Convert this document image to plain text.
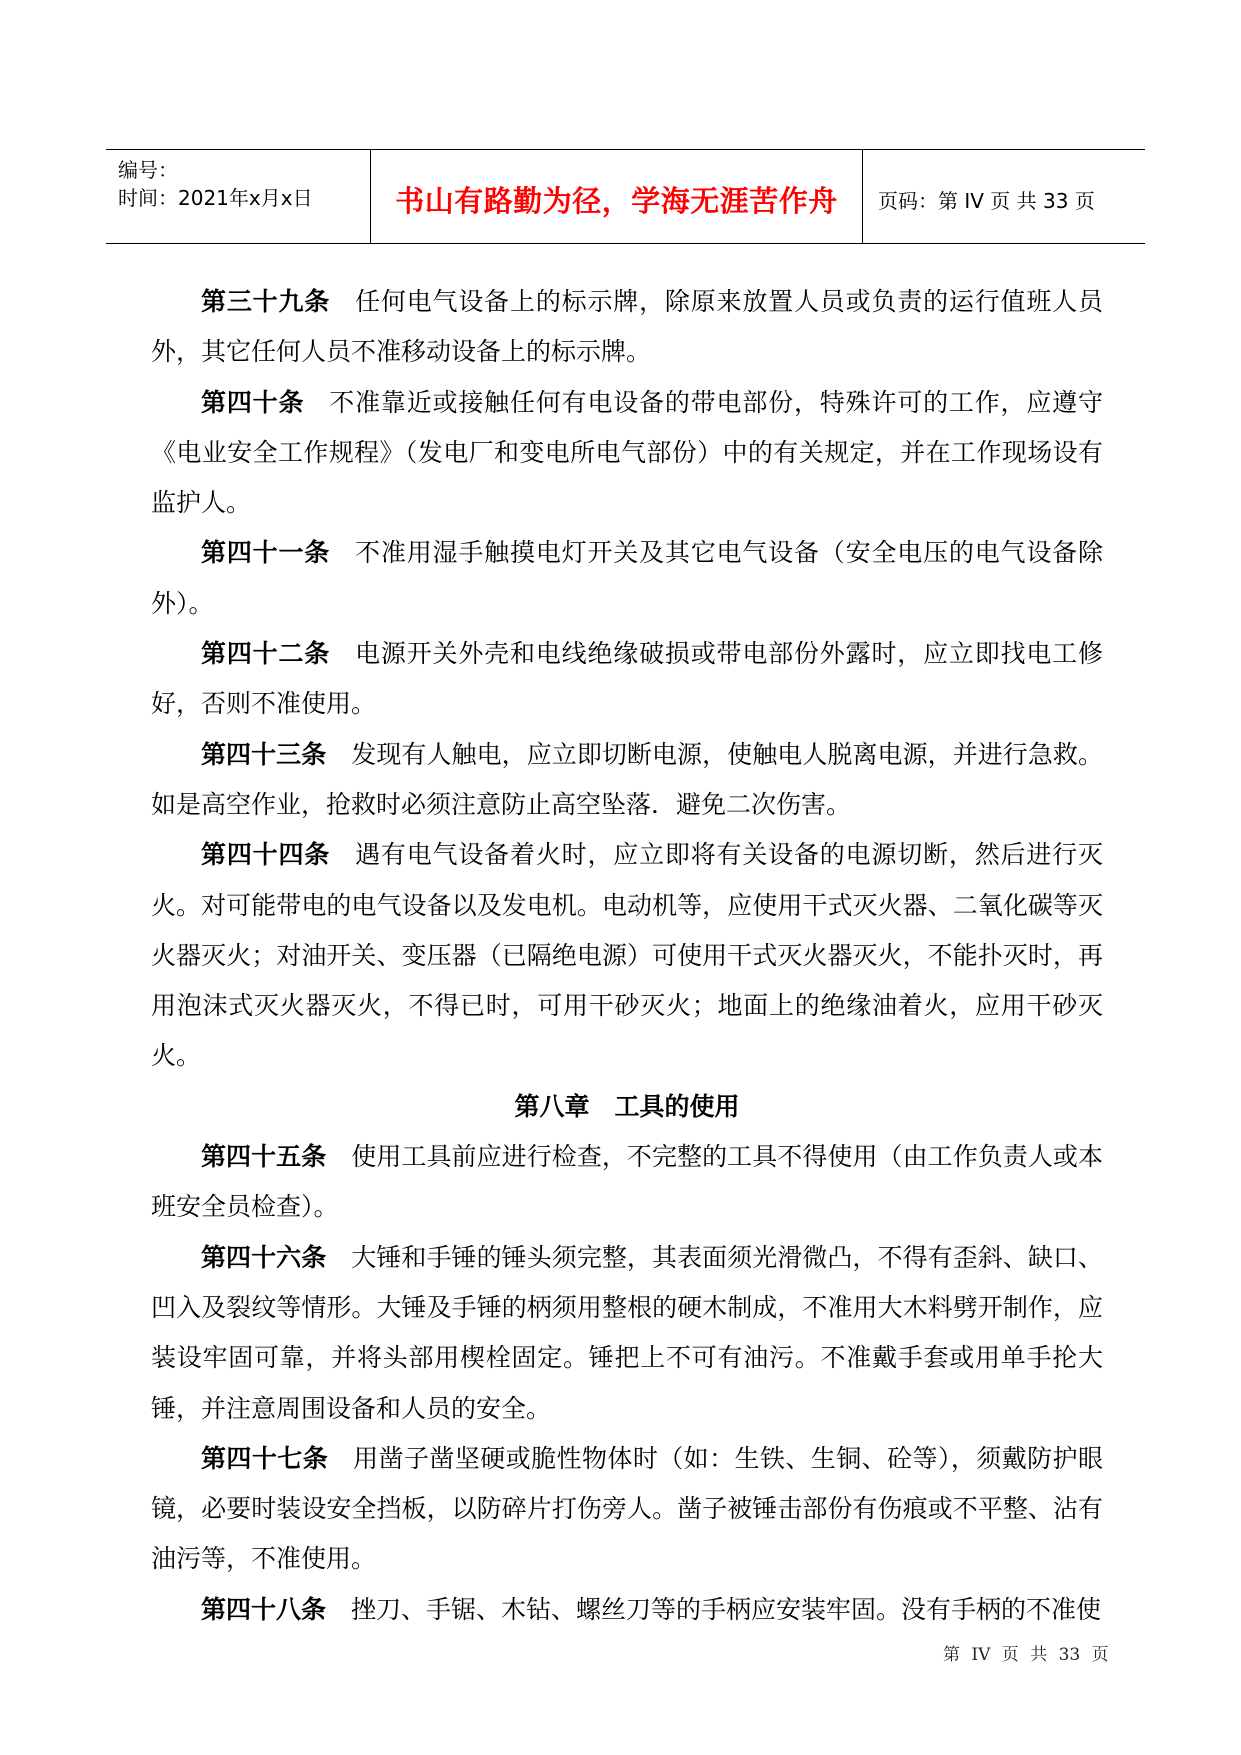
编号：
时间：2021年x月x日	书山有路勤为径，学海无涯苦作舟 页码：第 IV 页 共 33 页

第三十九条 任何电气设备上的标示牌，除原来放置人员或负责的运行值班人员外，其它任何人员不准移动设备上的标示牌。

第四十条 不准靠近或接触任何有电设备的带电部份，特殊许可的工作，应遵守《电业安全工作规程》（发电厂和变电所电气部份）中的有关规定，并在工作现场设有监护人。

第四十一条 不准用湿手触摸电灯开关及其它电气设备（安全电压的电气设备除外）。

第四十二条 电源开关外壳和电线绝缘破损或带电部份外露时，应立即找电工修好，否则不准使用。

第四十三条 发现有人触电，应立即切断电源，使触电人脱离电源，并进行急救。如是高空作业，抢救时必须注意防止高空坠落．避免二次伤害。

第四十四条 遇有电气设备着火时，应立即将有关设备的电源切断，然后进行灭火。对可能带电的电气设备以及发电机。电动机等，应使用干式灭火器、二氧化碳等灭火器灭火；对油开关、变压器（已隔绝电源）可使用干式灭火器灭火，不能扑灭时，再用泡沫式灭火器灭火，不得已时，可用干砂灭火；地面上的绝缘油着火，应用干砂灭火。

第八章　工具的使用

第四十五条 使用工具前应进行检查，不完整的工具不得使用（由工作负责人或本班安全员检查）。

第四十六条 大锤和手锤的锤头须完整，其表面须光滑微凸，不得有歪斜、缺口、凹入及裂纹等情形。大锤及手锤的柄须用整根的硬木制成，不准用大木料劈开制作，应装设牢固可靠，并将头部用楔栓固定。锤把上不可有油污。不准戴手套或用单手抡大锤，并注意周围设备和人员的安全。

第四十七条 用凿子凿坚硬或脆性物体时（如：生铁、生铜、砼等），须戴防护眼镜，必要时装设安全挡板，以防碎片打伤旁人。凿子被锤击部份有伤痕或不平整、沾有油污等，不准使用。

第四十八条 挫刀、手锯、木钻、螺丝刀等的手柄应安装牢固。没有手柄的不准使

第 IV 页 共 33 页
